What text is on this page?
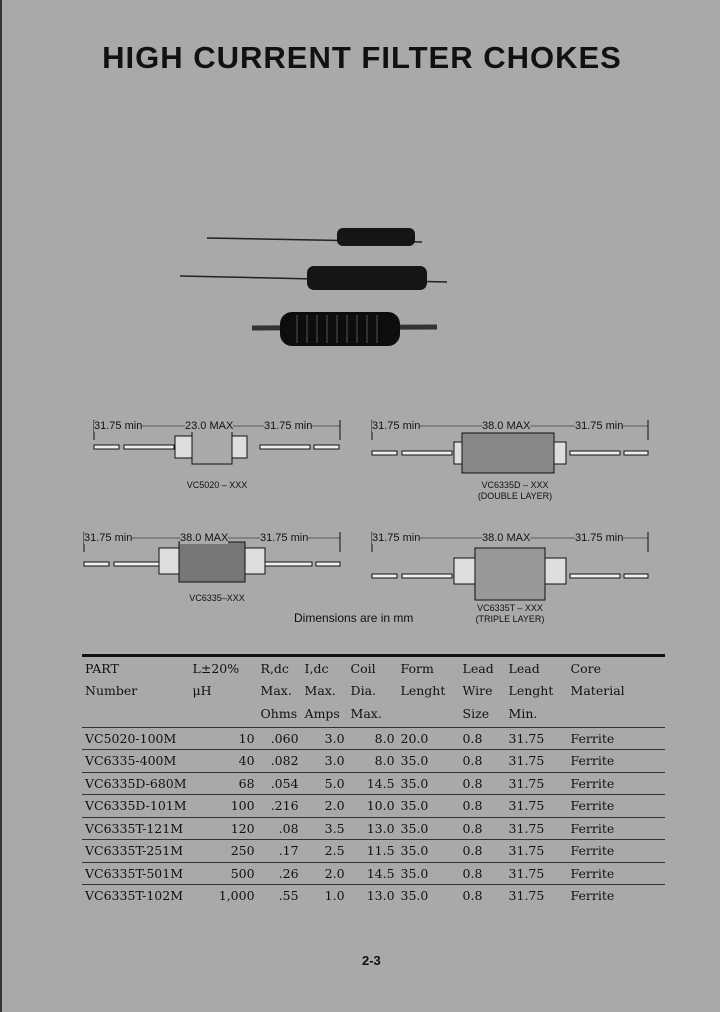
HIGH CURRENT FILTER CHOKES
31.75 min	23.0 MAX	31.75 min
VC5020 – XXX
31.75 min	38.0 MAX	31.75 min
VC6335D – XXX
(DOUBLE LAYER)
31.75 min	38.0 MAX	31.75 min
VC6335–XXX
31.75 min	38.0 MAX	31.75 min
VC6335T – XXX
(TRIPLE LAYER)
Dimensions are in mm
PART	L±20%	R,dc	I,dc	Coil	Form	Lead	Lead	Core
Number	μH	Max.	Max.	Dia.	Lenght	Wire	Lenght	Material
		Ohms	Amps	Max.		Size	Min.	
VC5020-100M	10	.060	3.0	8.0	20.0	0.8	31.75	Ferrite
VC6335-400M	40	.082	3.0	8.0	35.0	0.8	31.75	Ferrite
VC6335D-680M	68	.054	5.0	14.5	35.0	0.8	31.75	Ferrite
VC6335D-101M	100	.216	2.0	10.0	35.0	0.8	31.75	Ferrite
VC6335T-121M	120	.08	3.5	13.0	35.0	0.8	31.75	Ferrite
VC6335T-251M	250	.17	2.5	11.5	35.0	0.8	31.75	Ferrite
VC6335T-501M	500	.26	2.0	14.5	35.0	0.8	31.75	Ferrite
VC6335T-102M	1,000	.55	1.0	13.0	35.0	0.8	31.75	Ferrite
2-3
